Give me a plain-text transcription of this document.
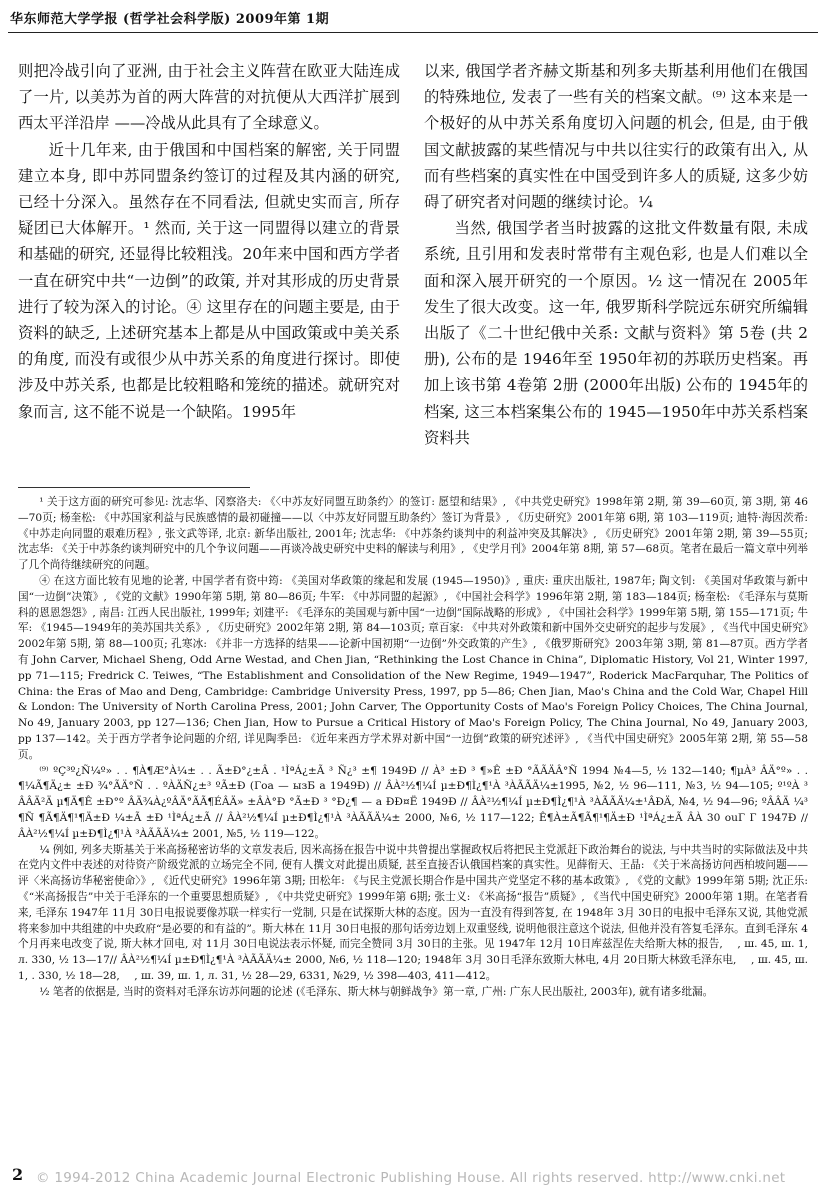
华东师范大学学报 (哲学社会科学版) 2009年第 1期

则把冷战引向了亚洲, 由于社会主义阵营在欧亚大陆连成了一片, 以美苏为首的两大阵营的对抗便从大西洋扩展到西太平洋沿岸 ——冷战从此具有了全球意义。

近十几年来, 由于俄国和中国档案的解密, 关于同盟建立本身, 即中苏同盟条约签订的过程及其内涵的研究, 已经十分深入。虽然存在不同看法, 但就史实而言, 所存疑团已大体解开。¹ 然而, 关于这一同盟得以建立的背景和基础的研究, 还显得比较粗浅。20年来中国和西方学者一直在研究中共“一边倒”的政策, 并对其形成的历史背景进行了较为深入的讨论。④ 这里存在的问题主要是, 由于资料的缺乏, 上述研究基本上都是从中国政策或中美关系的角度, 而没有或很少从中苏关系的角度进行探讨。即使涉及中苏关系, 也都是比较粗略和笼统的描述。就研究对象而言, 这不能不说是一个缺陷。1995年

以来, 俄国学者齐赫文斯基和列多夫斯基利用他们在俄国的特殊地位, 发表了一些有关的档案文献。⁽⁹⁾ 这本来是一个极好的从中苏关系角度切入问题的机会, 但是, 由于俄国文献披露的某些情况与中共以往实行的政策有出入, 从而有些档案的真实性在中国受到许多人的质疑, 这多少妨碍了研究者对问题的继续讨论。¼

当然, 俄国学者当时披露的这批文件数量有限, 未成系统, 且引用和发表时常带有主观色彩, 也是人们难以全面和深入展开研究的一个原因。½ 这一情况在 2005年发生了很大改变。这一年, 俄罗斯科学院远东研究所编辑出版了《二十世纪俄中关系: 文献与资料》第 5卷 (共 2册), 公布的是 1946年至 1950年初的苏联历史档案。再加上该书第 4卷第 2册 (2000年出版) 公布的 1945年的档案, 这三本档案集公布的 1945—1950年中苏关系档案资料共

¹ 关于这方面的研究可参见: 沈志华、冈察洛夫: 《〈中苏友好同盟互助条约〉的签订: 愿望和结果》, 《中共党史研究》1998年第 2期, 第 39—60页, 第 3期, 第 46—70页; 杨奎松: 《中苏国家利益与民族感情的最初碰撞——以〈中苏友好同盟互助条约〉签订为背景》, 《历史研究》2001年第 6期, 第 103—119页; 迪特·海因茨希: 《中苏走向同盟的艰难历程》, 张文武等译, 北京: 新华出版社, 2001年; 沈志华: 《中苏条约谈判中的利益冲突及其解决》, 《历史研究》2001年第 2期, 第 39—55页; 沈志华: 《关于中苏条约谈判研究中的几个争议问题——再谈冷战史研究中史料的解读与利用》, 《史学月刊》2004年第 8期, 第 57—68页。笔者在最后一篇文章中列举了几个尚待继续研究的问题。

④ 在这方面比较有见地的论著, 中国学者有资中筠: 《美国对华政策的缘起和发展 (1945—1950)》, 重庆: 重庆出版社, 1987年; 陶文钊: 《美国对华政策与新中国“一边倒”决策》, 《党的文献》1990年第 5期, 第 80—86页; 牛军: 《中苏同盟的起源》, 《中国社会科学》1996年第 2期, 第 183—184页; 杨奎松: 《毛泽东与莫斯科的恩恩怨怨》, 南昌: 江西人民出版社, 1999年; 刘建平: 《毛泽东的美国观与新中国“一边倒”国际战略的形成》, 《中国社会科学》1999年第 5期, 第 155—171页; 牛军: 《1945—1949年的美苏国共关系》, 《历史研究》2002年第 2期, 第 84—103页; 章百家: 《中共对外政策和新中国外交史研究的起步与发展》, 《当代中国史研究》2002年第 5期, 第 88—100页; 孔寒冰: 《并非一方选择的结果——论新中国初期“一边倒”外交政策的产生》, 《俄罗斯研究》2003年第 3期, 第 81—87页。西方学者有 John Carver, Michael Sheng, Odd Arne Westad, and Chen Jian, “Rethinking the Lost Chance in China”, Diplomatic History, Vol 21, Winter 1997, pp 71—115; Fredrick C. Teiwes, “The Establishment and Consolidation of the New Regime, 1949—1947”, Roderick MacFarquhar, The Politics of China: the Eras of Mao and Deng, Cambridge: Cambridge University Press, 1997, pp 5—86; Chen Jian, Mao's China and the Cold War, Chapel Hill & London: The University of North Carolina Press, 2001; John Carver, The Opportunity Costs of Mao's Foreign Policy Choices, The China Journal, No 49, January 2003, pp 127—136; Chen Jian, How to Pursue a Critical History of Mao's Foreign Policy, The China Journal, No 49, January 2003, pp 137—142。关于西方学者争论问题的介绍, 详见陶季邑: 《近年来西方学术界对新中国“一边倒”政策的研究述评》, 《当代中国史研究》2005年第 2期, 第 55—58页。

⁽⁹⁾ ºÇ³º¿Ñ¼º» . . ¶À¶Æ°À¼± . . Ã±Ð°¿±Â . ¹ÌªÁ¿±Ã ³ Ñ¿³ ±¶ 1949Ð // À³ ±Ð ³ ¶»Ê ±Ð °ÃÃÄÂ°Ñ 1994 №4—5, ½ 132—140; ¶µÀ³ ÂÄ°º» . . ¶¼Ã¶Ä¿± ±Ð ¾°ÃÄ°Ñ . . ºÀÄÑ¿±³ ºÃ±Ð (Гоа — ызБ а 1949Ð) // ÂÀ²½¶¼Í µ±Ð¶Ì¿¶¹À ³ÀÃÃÄ¼±1995, №2, ½ 96—111, №3, ½ 94—105; º¹ºÀ ³ ÂÂÄ²Ä µ¶Ä¶Ê ±Ð°º ÂÄ¾À¿ºÂÄ°ÃÃ¶ÉÂÄ» ±ÂÀ°Ð °Ã±Ð ³ °Ð¿¶ — а ÐÐ¤Ё 1949Ð // ÂÀ²½¶¼Í µ±Ð¶Ì¿¶¹À ³ÀÃÃÄ¼±¹ÂÐÄ, №4, ½ 94—96; ºÂÂÄ ¼³ ¶Ñ ¶Ã¶Ä¶¹¶Ä±Ð ¼±Ã ±Ð ¹ÌªÁ¿±Ã // ÂÀ²½¶¼Í µ±Ð¶Ì¿¶¹À ³ÀÃÃÄ¼± 2000, №6, ½ 117—122; Ê¶À±Ã¶Ã¶¹¶Ä±Ð ¹ÌªÁ¿±Ã ÂÀ 30 ouГ Г 1947Ð // ÂÀ²½¶¼Í µ±Ð¶Ì¿¶¹À ³ÀÃÃÄ¼± 2001, №5, ½ 119—122。

¼ 例如, 列多夫斯基关于米高扬秘密访华的文章发表后, 因米高扬在报告中说中共曾提出掌握政权后将把民主党派赶下政治舞台的说法, 与中共当时的实际做法及中共在党内文件中表述的对待资产阶级党派的立场完全不同, 便有人撰文对此提出质疑, 甚至直接否认俄国档案的真实性。见薛衔天、王晶: 《关于米高扬访问西柏坡问题——评〈米高扬访华秘密使命〉》, 《近代史研究》1996年第 3期; 田松年: 《与民主党派长期合作是中国共产党坚定不移的基本政策》, 《党的文献》1999年第 5期; 沈正乐: 《“米高扬报告”中关于毛泽东的一个重要思想质疑》, 《中共党史研究》1999年第 6期; 张士义: 《米高扬“报告”质疑》, 《当代中国史研究》2000年第 1期。在笔者看来, 毛泽东 1947年 11月 30日电报说要像苏联一样实行一党制, 只是在试探斯大林的态度。因为一直没有得到答复, 在 1948年 3月 30日的电报中毛泽东又说, 其他党派将来参加中共组建的中央政府“是必要的和有益的”。斯大林在 11月 30日电报的那句话旁边划上双重竖线, 说明他很注意这个说法, 但他并没有答复毛泽东。直到毛泽东 4个月再来电改变了说, 斯大林才回电, 对 11月 30日电说法表示怀疑, 而完全赞同 3月 30日的主张。见 1947年 12月 10日库兹涅佐夫给斯大林的报告, ⠀ , ш. 45, ш. 1, л. 330, ½ 13—17// ÂÀ²½¶¼Í µ±Ð¶Ì¿¶¹À ³ÀÃÃÄ¼± 2000, №6, ½ 118—120; 1948年 3月 30日毛泽东致斯大林电, 4月 20日斯大林致毛泽东电, ⠀ , ш. 45, ш. 1, . 330, ½ 18—28, ⠀ , ш. 39, ш. 1, л. 31, ½ 28—29, 6331, №29, ½ 398—403, 411—412。

½ 笔者的依据是, 当时的资料对毛泽东访苏问题的论述 (《毛泽东、斯大林与朝鲜战争》第一章, 广州: 广东人民出版社, 2003年), 就有诸多纰漏。

2 © 1994-2012 China Academic Journal Electronic Publishing House. All rights reserved. http://www.cnki.net
